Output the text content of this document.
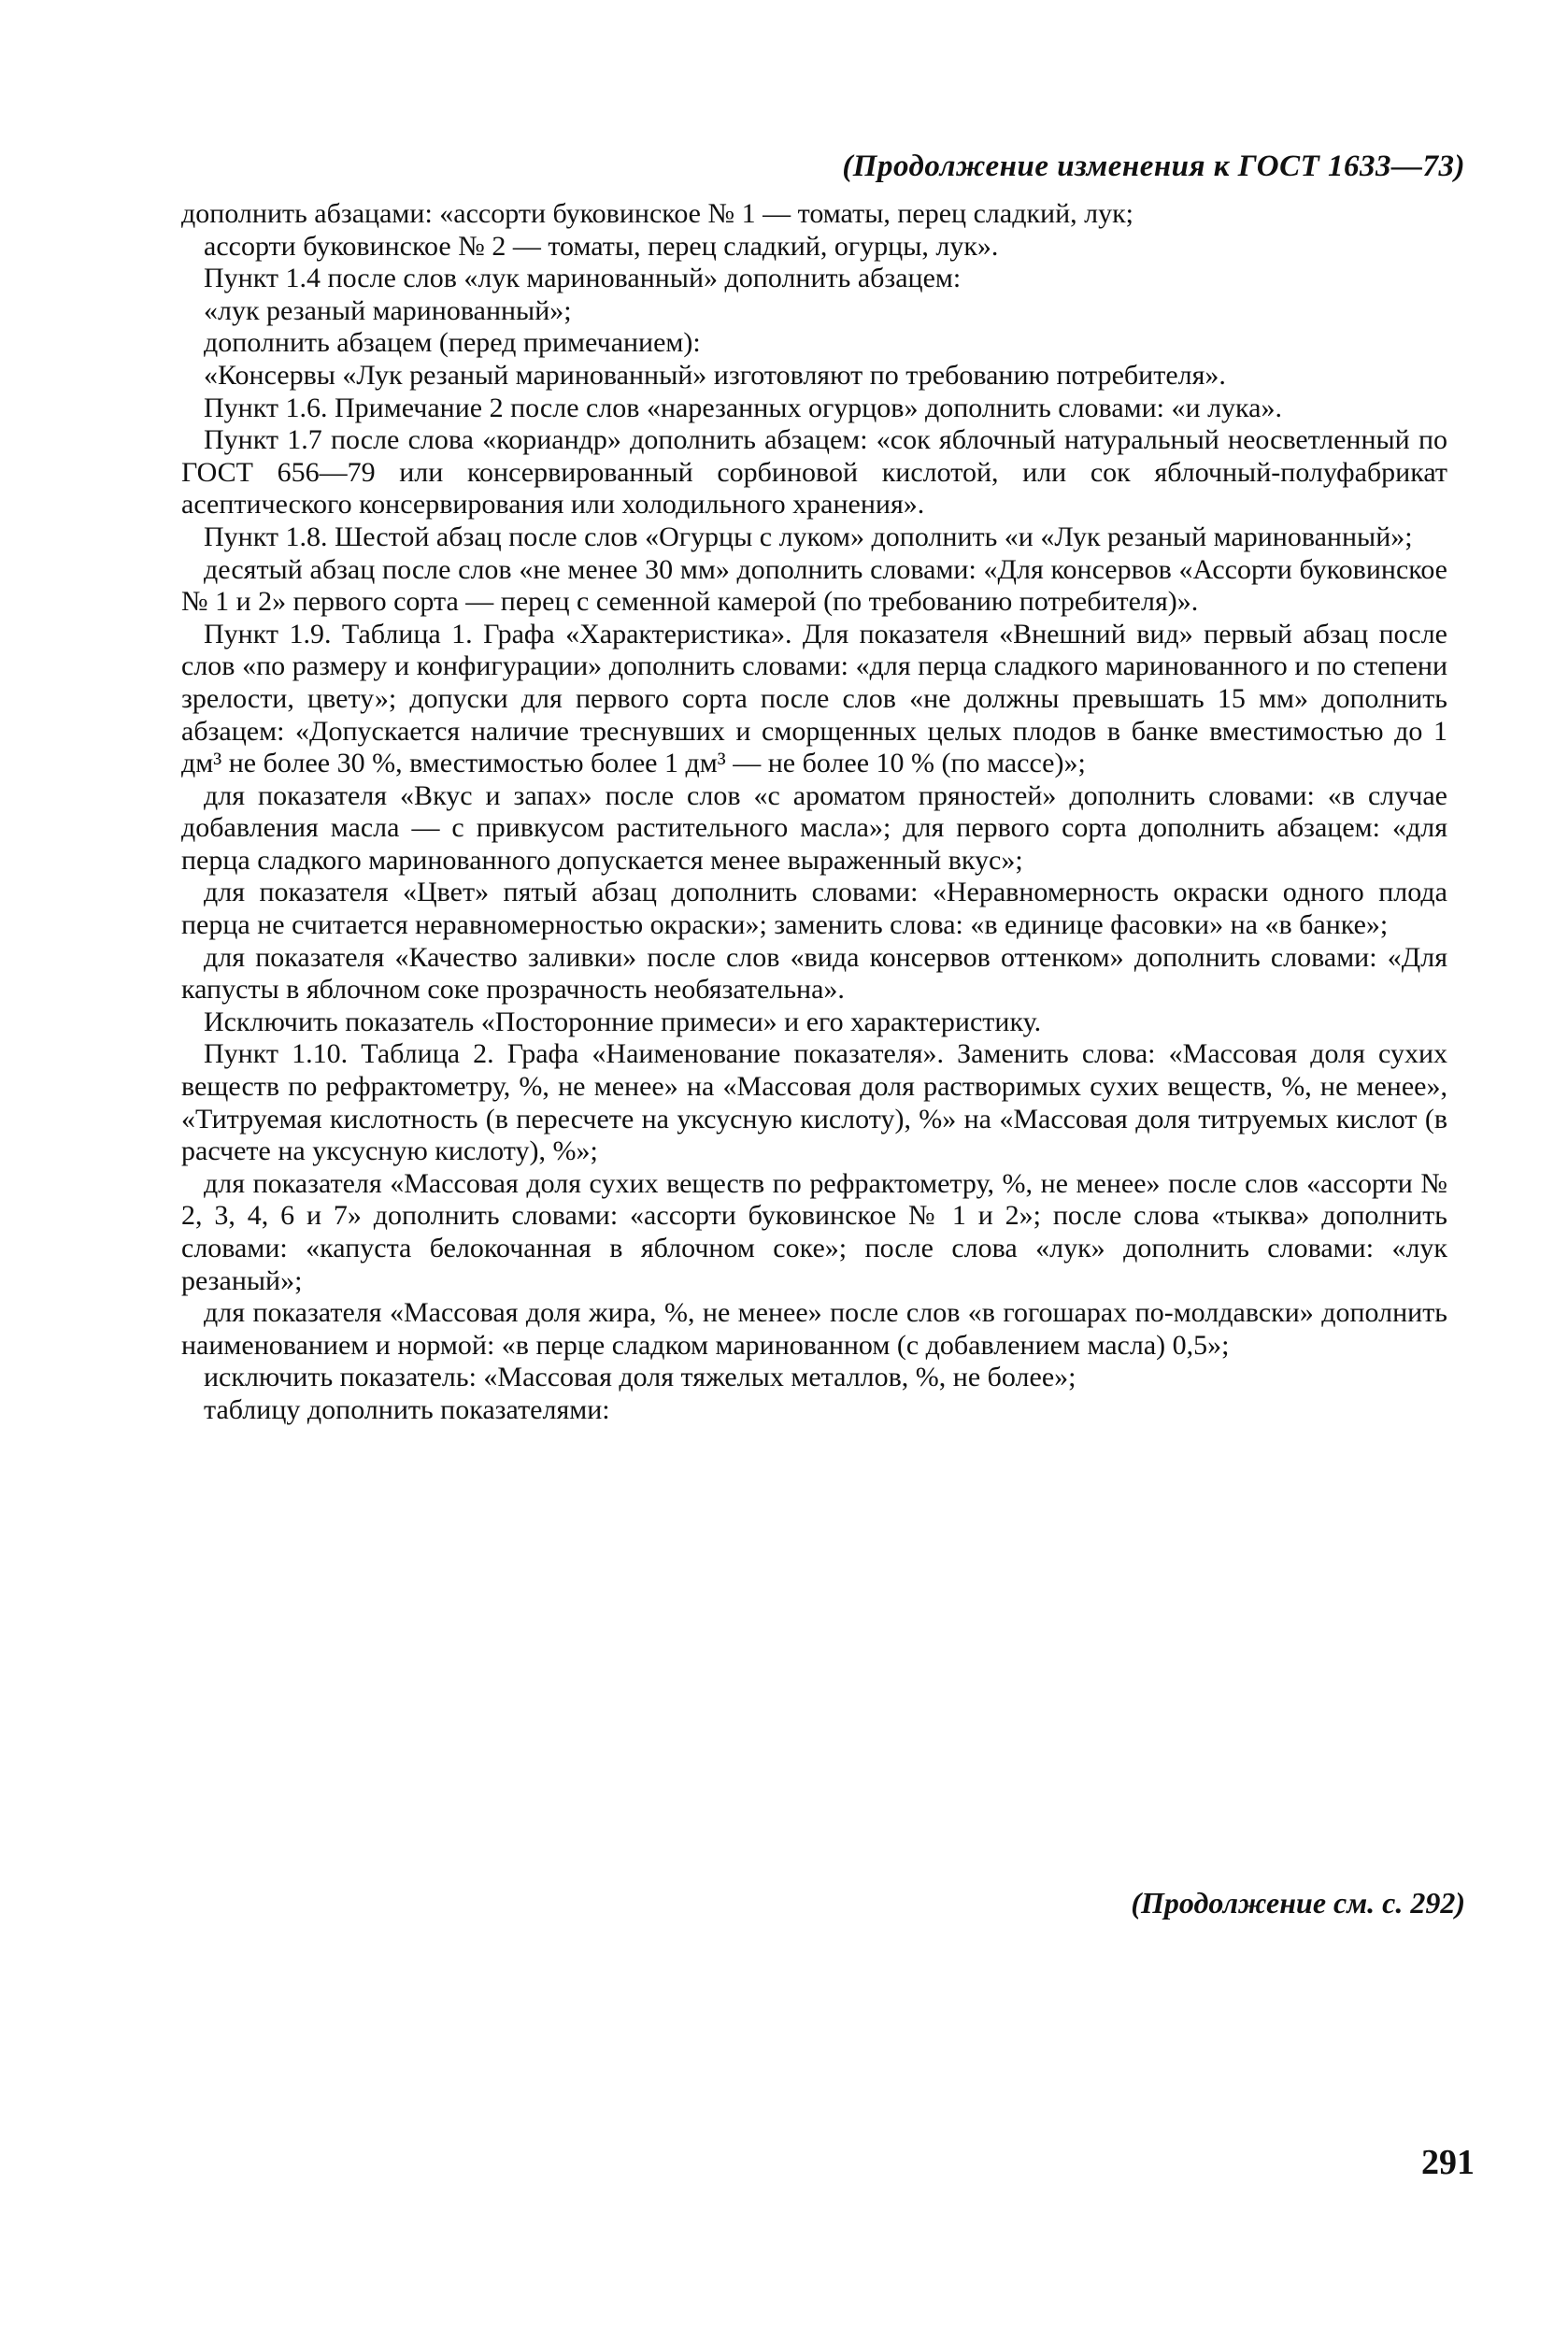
(Продолжение изменения к ГОСТ 1633—73)

дополнить абзацами: «ассорти буковинское № 1 — томаты, перец сладкий, лук;

ассорти буковинское № 2 — томаты, перец сладкий, огурцы, лук».

Пункт 1.4 после слов «лук маринованный» дополнить абзацем:

«лук резаный маринованный»;

дополнить абзацем (перед примечанием):

«Консервы «Лук резаный маринованный» изготовляют по требованию потребителя».

Пункт 1.6. Примечание 2 после слов «нарезанных огурцов» дополнить словами: «и лука».

Пункт 1.7 после слова «кориандр» дополнить абзацем: «сок яблочный натуральный неосветленный по ГОСТ 656—79 или консервированный сорбиновой кислотой, или сок яблочный-полуфабрикат асептического консервирования или холодильного хранения».

Пункт 1.8. Шестой абзац после слов «Огурцы с луком» дополнить «и «Лук резаный маринованный»;

десятый абзац после слов «не менее 30 мм» дополнить словами: «Для консервов «Ассорти буковинское № 1 и 2» первого сорта — перец с семенной камерой (по требованию потребителя)».

Пункт 1.9. Таблица 1. Графа «Характеристика». Для показателя «Внешний вид» первый абзац после слов «по размеру и конфигурации» дополнить словами: «для перца сладкого маринованного и по степени зрелости, цвету»; допуски для первого сорта после слов «не должны превышать 15 мм» дополнить абзацем: «Допускается наличие треснувших и сморщенных целых плодов в банке вместимостью до 1 дм³ не более 30 %, вместимостью более 1 дм³ — не более 10 % (по массе)»;

для показателя «Вкус и запах» после слов «с ароматом пряностей» дополнить словами: «в случае добавления масла — с привкусом растительного масла»; для первого сорта дополнить абзацем: «для перца сладкого маринованного допускается менее выраженный вкус»;

для показателя «Цвет» пятый абзац дополнить словами: «Неравномерность окраски одного плода перца не считается неравномерностью окраски»; заменить слова: «в единице фасовки» на «в банке»;

для показателя «Качество заливки» после слов «вида консервов оттенком» дополнить словами: «Для капусты в яблочном соке прозрачность необязательна».

Исключить показатель «Посторонние примеси» и его характеристику.

Пункт 1.10. Таблица 2. Графа «Наименование показателя». Заменить слова: «Массовая доля сухих веществ по рефрактометру, %, не менее» на «Массовая доля растворимых сухих веществ, %, не менее», «Титруемая кислотность (в пересчете на уксусную кислоту), %» на «Массовая доля титруемых кислот (в расчете на уксусную кислоту), %»;

для показателя «Массовая доля сухих веществ по рефрактометру, %, не менее» после слов «ассорти № 2, 3, 4, 6 и 7» дополнить словами: «ассорти буковинское № 1 и 2»; после слова «тыква» дополнить словами: «капуста белокочанная в яблочном соке»; после слова «лук» дополнить словами: «лук резаный»;

для показателя «Массовая доля жира, %, не менее» после слов «в гогошарах по-молдавски» дополнить наименованием и нормой: «в перце сладком маринованном (с добавлением масла) 0,5»;

исключить показатель: «Массовая доля тяжелых металлов, %, не более»;

таблицу дополнить показателями:

(Продолжение см. с. 292)
291
